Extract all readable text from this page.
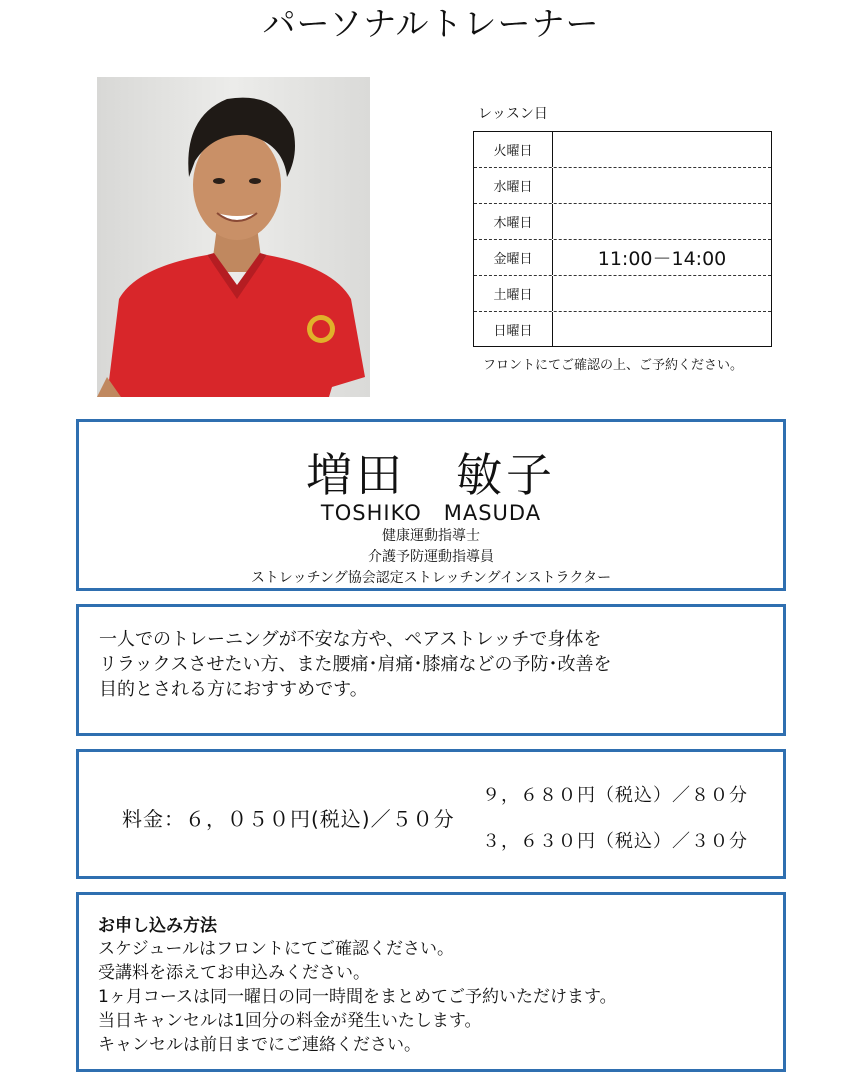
パーソナルトレーナー
レッスン日
火曜日
水曜日
木曜日
金曜日	11:00－14:00
土曜日
日曜日
フロントにてご確認の上、ご予約ください。
増田　敏子
TOSHIKO　MASUDA
健康運動指導士
介護予防運動指導員
ストレッチング協会認定ストレッチングインストラクター
一人でのトレーニングが不安な方や、ペアストレッチで身体を
リラックスさせたい方、また腰痛･肩痛･膝痛などの予防･改善を
目的とされる方におすすめです。
料金：６，０５０円(税込)／５０分
９，６８０円（税込）／８０分
３，６３０円（税込）／３０分
お申し込み方法
スケジュールはフロントにてご確認ください。
受講料を添えてお申込みください。
1ヶ月コースは同一曜日の同一時間をまとめてご予約いただけます。
当日キャンセルは1回分の料金が発生いたします。
キャンセルは前日までにご連絡ください。
